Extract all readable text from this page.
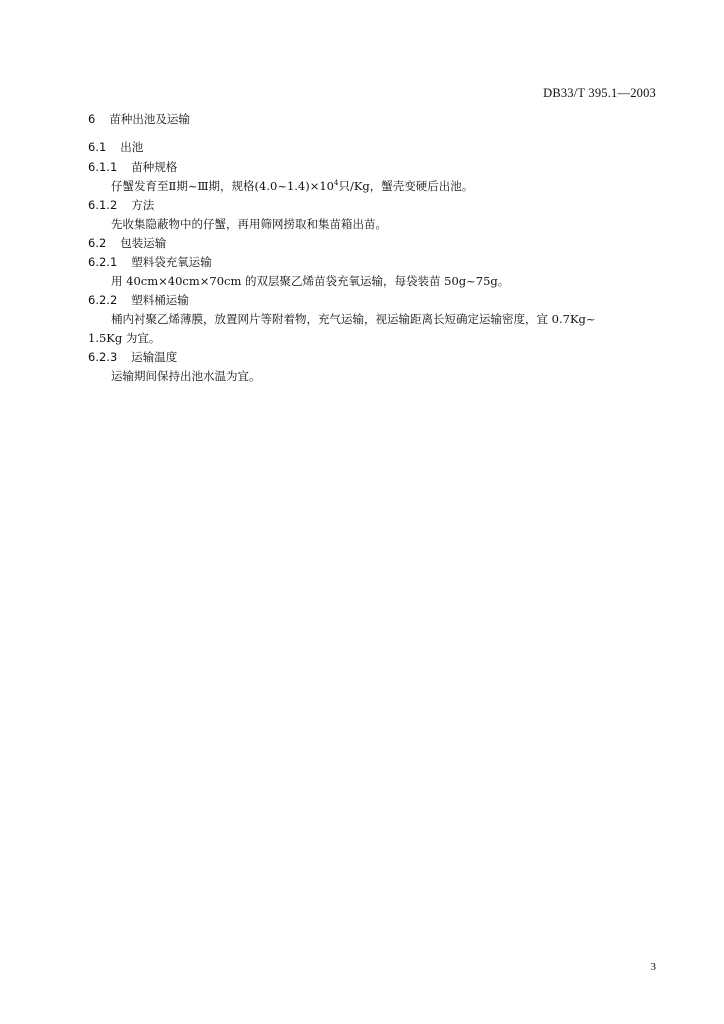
DB33/T 395.1—2003
6 苗种出池及运输
6.1 出池
6.1.1 苗种规格
仔蟹发育至Ⅱ期~Ⅲ期，规格$(4.0\sim 1.4)\times 10^4$只/Kg，蟹壳变硬后出池。
6.1.2 方法
先收集隐蔽物中的仔蟹，再用筛网捞取和集苗箱出苗。
6.2 包装运输
6.2.1 塑料袋充氧运输
用 40cm×40cm×70cm 的双层聚乙烯苗袋充氧运输，每袋装苗 50g~75g。
6.2.2 塑料桶运输
桶内衬聚乙烯薄膜，放置网片等附着物，充气运输，视运输距离长短确定运输密度，宜 0.7Kg~
1.5Kg 为宜。
6.2.3 运输温度
运输期间保持出池水温为宜。
3
